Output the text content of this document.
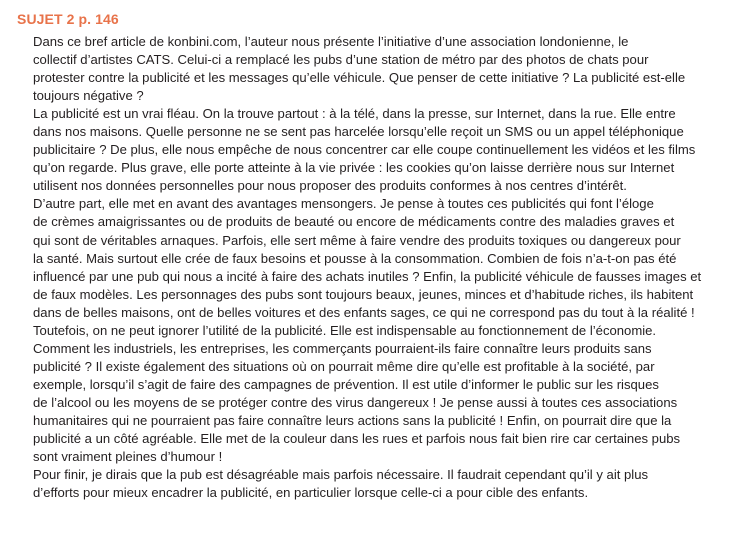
SUJET 2 p. 146

Dans ce bref article de konbini.com, l’auteur nous présente l’initiative d’une association londonienne, le
collectif d’artistes CATS. Celui-ci a remplacé les pubs d’une station de métro par des photos de chats pour
protester contre la publicité et les messages qu’elle véhicule. Que penser de cette initiative ? La publicité est-elle
toujours négative ?

La publicité est un vrai fléau. On la trouve partout : à la télé, dans la presse, sur Internet, dans la rue. Elle entre
dans nos maisons. Quelle personne ne se sent pas harcelée lorsqu’elle reçoit un SMS ou un appel téléphonique
publicitaire ? De plus, elle nous empêche de nous concentrer car elle coupe continuellement les vidéos et les films
qu’on regarde. Plus grave, elle porte atteinte à la vie privée : les cookies qu’on laisse derrière nous sur Internet
utilisent nos données personnelles pour nous proposer des produits conformes à nos centres d’intérêt.

D’autre part, elle met en avant des avantages mensongers. Je pense à toutes ces publicités qui font l’éloge
de crèmes amaigrissantes ou de produits de beauté ou encore de médicaments contre des maladies graves et
qui sont de véritables arnaques. Parfois, elle sert même à faire vendre des produits toxiques ou dangereux pour
la santé. Mais surtout elle crée de faux besoins et pousse à la consommation. Combien de fois n’a-t-on pas été
influencé par une pub qui nous a incité à faire des achats inutiles ? Enfin, la publicité véhicule de fausses images et
de faux modèles. Les personnages des pubs sont toujours beaux, jeunes, minces et d’habitude riches, ils habitent
dans de belles maisons, ont de belles voitures et des enfants sages, ce qui ne correspond pas du tout à la réalité !

Toutefois, on ne peut ignorer l’utilité de la publicité. Elle est indispensable au fonctionnement de l’économie.
Comment les industriels, les entreprises, les commerçants pourraient-ils faire connaître leurs produits sans
publicité ? Il existe également des situations où on pourrait même dire qu’elle est profitable à la société, par
exemple, lorsqu’il s’agit de faire des campagnes de prévention. Il est utile d’informer le public sur les risques
de l’alcool ou les moyens de se protéger contre des virus dangereux ! Je pense aussi à toutes ces associations
humanitaires qui ne pourraient pas faire connaître leurs actions sans la publicité ! Enfin, on pourrait dire que la
publicité a un côté agréable. Elle met de la couleur dans les rues et parfois nous fait bien rire car certaines pubs
sont vraiment pleines d’humour !

Pour finir, je dirais que la pub est désagréable mais parfois nécessaire. Il faudrait cependant qu’il y ait plus
d’efforts pour mieux encadrer la publicité, en particulier lorsque celle-ci a pour cible des enfants.
